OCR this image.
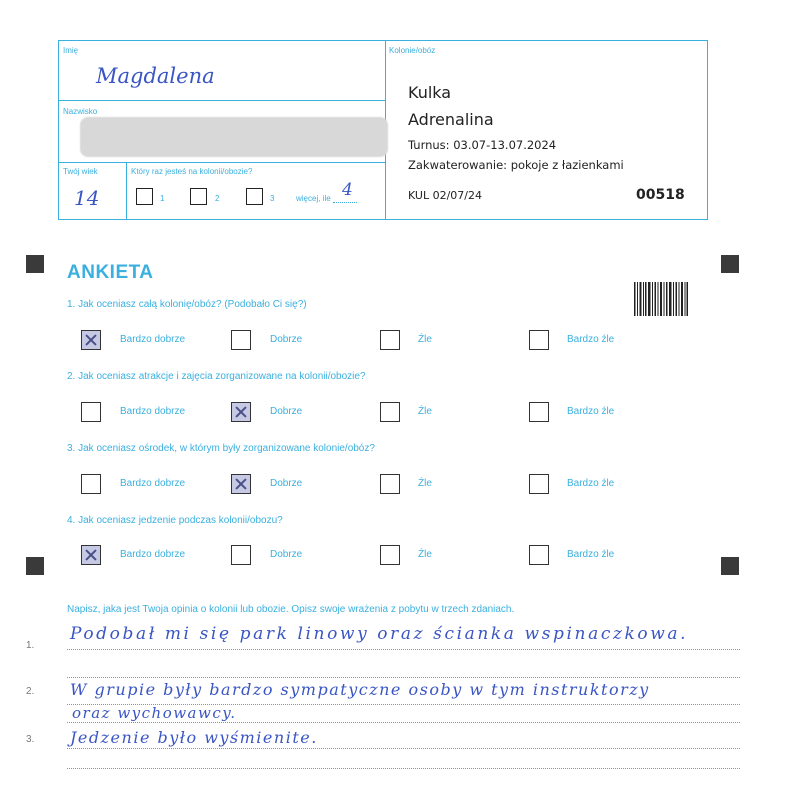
Imię
Magdalena
Nazwisko
Twój wiek
14
Który raz jesteś na kolonii/obozie?
1	2	3	więcej, ile 4
Kolonie/obóz
Kulka
Adrenalina
Turnus: 03.07-13.07.2024
Zakwaterowanie: pokoje z łazienkami
KUL 02/07/24	00518
ANKIETA
1. Jak oceniasz całą kolonię/obóz? (Podobało Ci się?)
2. Jak oceniasz atrakcje i zajęcia zorganizowane na kolonii/obozie?
3. Jak oceniasz ośrodek, w którym były zorganizowane kolonie/obóz?
4. Jak oceniasz jedzenie podczas kolonii/obozu?
Bardzo dobrze	Dobrze	Źle	Bardzo źle
Bardzo dobrze	Dobrze	Źle	Bardzo źle
Bardzo dobrze	Dobrze	Źle	Bardzo źle
Bardzo dobrze	Dobrze	Źle	Bardzo źle
Napisz, jaka jest Twoja opinia o kolonii lub obozie. Opisz swoje wrażenia z pobytu w trzech zdaniach.
1.
2.
3.
Podobał mi się park linowy oraz ścianka wspinaczkowa.
W grupie były bardzo sympatyczne osoby w tym instruktorzy
oraz wychowawcy.
Jedzenie było wyśmienite.
